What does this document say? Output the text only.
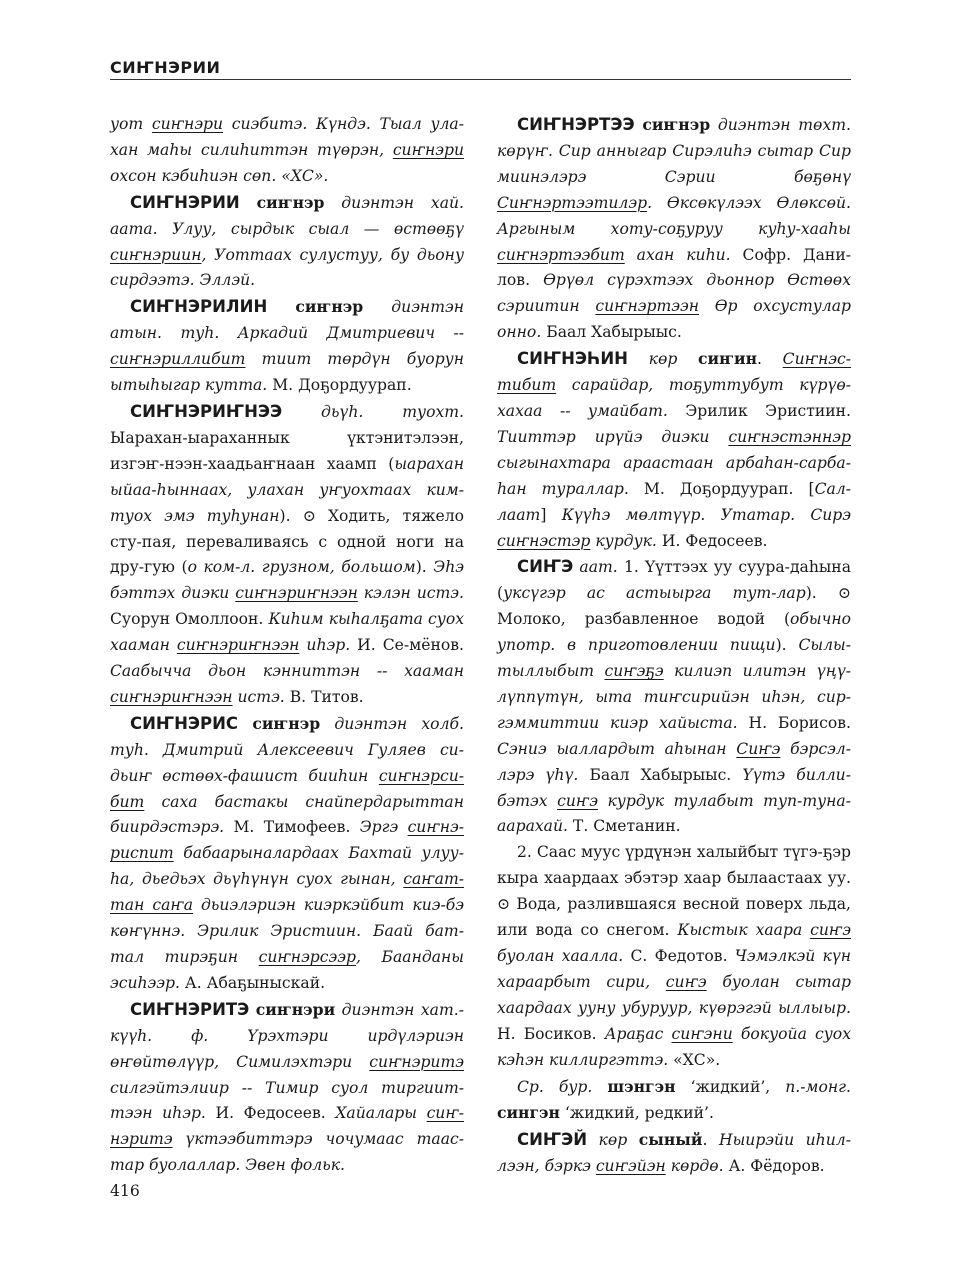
СИҤНЭРИИ

уот сиҥнэри сиэбитэ. Күндэ. Тыал ула-хан маһы силиһиттэн түөрэн, сиҥнэри охсон кэбиһиэн сөп. «ХС».

СИҤНЭРИИ сиҥнэр диэнтэн хай. аата. Улуу, сырдык сыал — өстөөҕү сиҥнэриин, Уоттаах сулустуу, бу дьону сирдээтэ. Эллэй.

СИҤНЭРИЛИН сиҥнэр диэнтэн атын. туһ. Аркадий Дмитриевич -- сиҥнэриллибит тиит төрдүн буорун ытыһыгар кутта. М. Доҕордуурап.

СИҤНЭРИҤНЭЭ дьүһ. туохт. Ыарахан-ыараханнык үктэнитэлээн, изгэҥ-нээн-хаадьаҥнаан хаамп (ыарахан ыйаа-һыннаах, улахан уҥуохтаах ким-туох эмэ туһунан). ⊙ Ходить, тяжело сту-пая, переваливаясь с одной ноги на дру-гую (о ком-л. грузном, большом). Эһэ бэттэх диэки сиҥнэриҥнээн кэлэн истэ. Суорун Омоллоон. Киһим кыһалҕата суох хааман сиҥнэриҥнээн иһэр. И. Се-мёнов. Саабычча дьон кэнниттэн -- хааман сиҥнэриҥнээн истэ. В. Титов.

СИҤНЭРИС сиҥнэр диэнтэн холб. туһ. Дмитрий Алексеевич Гуляев си-дьиҥ өстөөх-фашист бииһин сиҥнэрси-бит саха бастакы снайпердарыттан биирдэстэрэ. М. Тимофеев. Эргэ сиҥнэ-риспит бабаарыналардаах Бахтай улуу-ha, дьедьэх дьүһүнүн суох гынан, саҥат-тан саҥа дьиэлэриэн киэркэйбит киэ-бэ көҥүннэ. Эрилик Эристиин. Баай бат-тал тирэҕин сиҥнэрсээр, Баанданы эсиһээр. А. Абаҕыныскай.

СИҤНЭРИТЭ сиҥнэри диэнтэн хат.-күүһ. ф. Үрэхтэри ирдүлэриэн өҥөйтөлүүр, Симилэхтэри сиҥнэритэ силгэйтэлиир -- Тимир суол тиргиит-тээн иһэр. И. Федосеев. Хайалары сиҥ-нэритэ үктээбиттэрэ чочумаас таас-тар буолаллар. Эвен фольк.

СИҤНЭРТЭЭ сиҥнэр диэнтэн төхт. көрүҥ. Сир анныгар Сирэлиһэ сытар Сир миинэлэрэ Сэрии бөҕөнү Сиҥнэртээтилэр. Өксөкүлээх Өлөксөй. Аргыным хоту-соҕуруу куһу-хааһы сиҥнэртээбит ахан киһи. Софр. Дани-лов. Өрүөл сүрэхтээх дьоннор Өстөөх сэриитин сиҥнэртээн Өр охсустулар онно. Баал Хабырыыс.

СИҤНЭҺИН көр сиҥин. Сиҥнэс-тибит сарайдар, тоҕуттубут күрүө-хахаа -- умайбат. Эрилик Эристиин. Тииттэр ирүйэ диэки сиҥнэстэннэр сыгынахтара араастаан арбаһан-сарба-һан тураллар. М. Доҕордуурап. [Сал-лаат] Күүһэ мөлтүүр. Утатар. Сирэ сиҥнэстэр курдук. И. Федосеев.

СИҤЭ аат. 1. Үүттээх уу суура-даһына (уксүгэр ас астыырга тут-лар). ⊙ Молоко, разбавленное водой (обычно употр. в приготовлении пищи). Сылы-тыллыбыт сиҥэҕэ килиэп илитэн үңү-лүппүтүн, ыта тиҥсирийэн иһэн, сир-гэммиттии киэр хайыста. Н. Борисов. Сэниэ ыаллардыт аһынан Сиҥэ бэрсэл-лэрэ үһү. Баал Хабырыыс. Үүтэ билли-бэтэх сиҥэ курдук тулабыт туп-туна-аарахай. Т. Сметанин.

2. Саас муус үрдүнэн халыйбыт түгэ-ҕэр кыра хаардаах эбэтэр хаар былаастаах уу. ⊙ Вода, разлившаяся весной поверх льда, или вода со снегом. Кыстык хаара сиҥэ буолан хаалла. С. Федотов. Чэмэлкэй күн хараарбыт сири, сиҥэ буолан сытар хаардаах ууну убуруур, күөрэгэй ыллыыр. Н. Босиков. Араҕас сиҥэни бокуойа суох кэһэн киллиргэттэ. «ХС».

Ср. бур. шэнгэн ‘жидкий’, п.-монг. сингэн ‘жидкий, редкий’.

СИҤЭЙ көр сыный. Ныирэйи иһил-лээн, бэркэ сиҥэйэн көрдө. А. Фёдоров.

416
